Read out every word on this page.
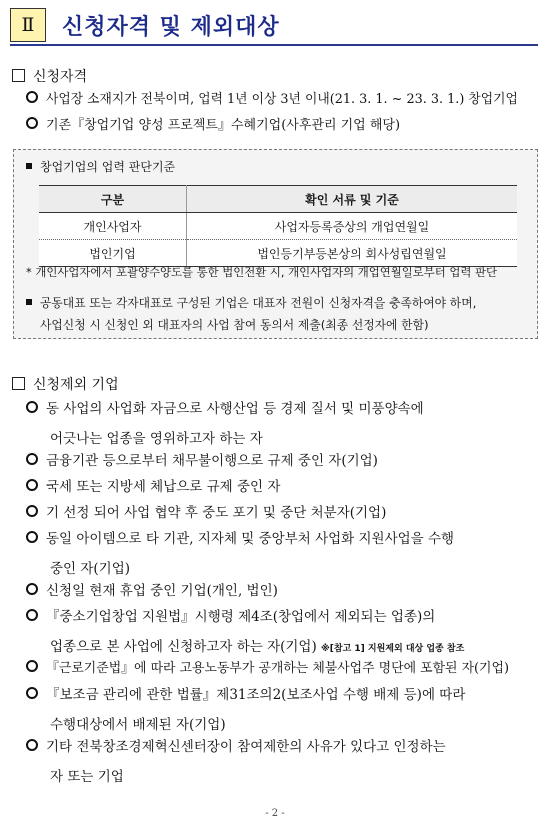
Ⅱ	신청자격 및 제외대상
신청자격
사업장 소재지가 전북이며, 업력 1년 이상 3년 이내(21. 3. 1. ~ 23. 3. 1.) 창업기업
기존『창업기업 양성 프로젝트』수혜기업(사후관리 기업 해당)
창업기업의 업력 판단기준
구분	확인 서류 및 기준
개인사업자	사업자등록증상의 개업연월일
법인기업	법인등기부등본상의 회사성립연월일
* 개인사업자에서 포괄양수양도를 통한 법인전환 시, 개인사업자의 개업연월일로부터 업력 판단
공동대표 또는 각자대표로 구성된 기업은 대표자 전원이 신청자격을 충족하여야 하며,
사업신청 시 신청인 외 대표자의 사업 참여 동의서 제출(최종 선정자에 한함)
신청제외 기업
동 사업의 사업화 자금으로 사행산업 등 경제 질서 및 미풍양속에
어긋나는 업종을 영위하고자 하는 자
금융기관 등으로부터 채무불이행으로 규제 중인 자(기업)
국세 또는 지방세 체납으로 규제 중인 자
기 선정 되어 사업 협약 후 중도 포기 및 중단 처분자(기업)
동일 아이템으로 타 기관, 지자체 및 중앙부처 사업화 지원사업을 수행
중인 자(기업)
신청일 현재 휴업 중인 기업(개인, 법인)
『중소기업창업 지원법』시행령 제4조(창업에서 제외되는 업종)의
업종으로 본 사업에 신청하고자 하는 자(기업) ※[참고 1] 지원제외 대상 업종 참조
『근로기준법』에 따라 고용노동부가 공개하는 체불사업주 명단에 포함된 자(기업)
『보조금 관리에 관한 법률』제31조의2(보조사업 수행 배제 등)에 따라
수행대상에서 배제된 자(기업)
기타 전북창조경제혁신센터장이 참여제한의 사유가 있다고 인정하는
자 또는 기업
- 2 -
